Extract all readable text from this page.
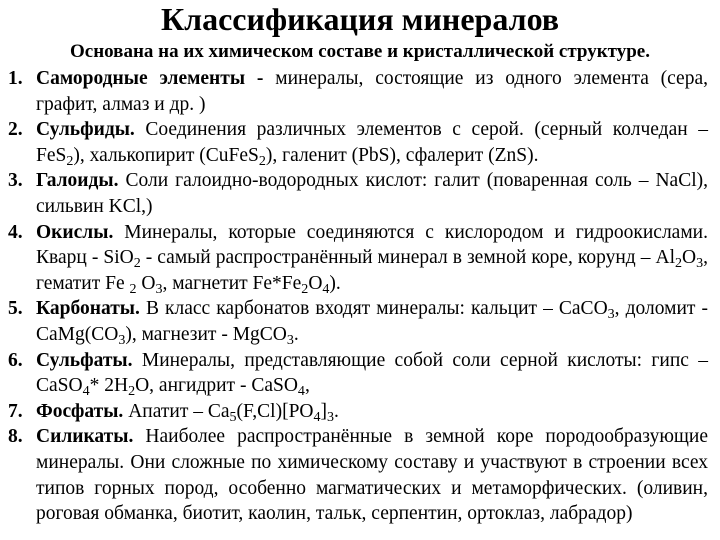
Классификация минералов
Основана на их химическом составе и кристаллической структуре.
1. Самородные элементы - минералы, состоящие из одного элемента (сера, графит, алмаз и др. )
2. Сульфиды. Соединения различных элементов с серой. (серный колчедан – FeS$_2$), халькопирит (CuFeS$_2$), галенит (PbS), сфалерит (ZnS).
3. Галоиды. Соли галоидно-водородных кислот: галит (поваренная соль – NaCl), сильвин KCl,)
4. Окислы. Минералы, которые соединяются с кислородом и гидроокислами. Кварц - SiO$_2$ - самый распространённый минерал в земной коре, корунд – $Al_2O_3$, гематит Fe $_2$ $O_3$, магнетит $Fe*Fe_2O_4$).
5. Карбонаты. В класс карбонатов входят минералы: кальцит – CaCO$_3$, доломит - $CaMg(CO_3)$, магнезит - MgCO$_3$.
6. Сульфаты. Минералы, представляющие собой соли серной кислоты: гипс – CaSO$_4$* $2H_2O$, ангидрит - CaSO$_4$,
7. Фосфаты. Апатит – $Ca_5(F,Cl)[PO_4]_3$.
8. Силикаты. Наиболее распространённые в земной коре породообразующие минералы. Они сложные по химическому составу и участвуют в строении всех типов горных пород, особенно магматических и метаморфических. (оливин, роговая обманка, биотит, каолин, тальк, серпентин, ортоклаз, лабрадор)
